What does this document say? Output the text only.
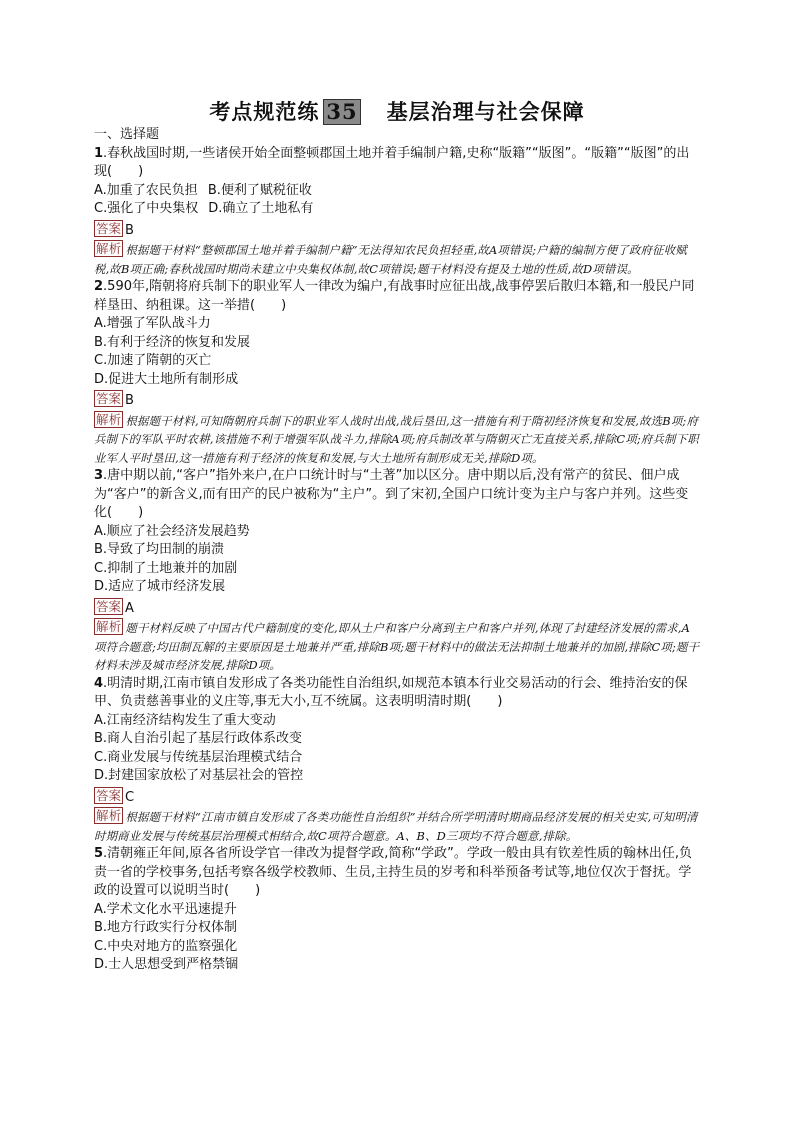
考点规范练 35 基层治理与社会保障

一、选择题

1.春秋战国时期,一些诸侯开始全面整顿郡国土地并着手编制户籍,史称“版籍”“版图”。“版籍”“版图”的出现(　　)

A.加重了农民负担 B.便利了赋税征收

C.强化了中央集权 D.确立了土地私有

答案 B

解析 根据题干材料“整顿郡国土地并着手编制户籍”无法得知农民负担轻重,故A项错误;户籍的编制方便了政府征收赋税,故B项正确;春秋战国时期尚未建立中央集权体制,故C项错误;题干材料没有提及土地的性质,故D项错误。

2.590年,隋朝将府兵制下的职业军人一律改为编户,有战事时应征出战,战事停罢后散归本籍,和一般民户同样垦田、纳租课。这一举措(　　)

A.增强了军队战斗力

B.有利于经济的恢复和发展

C.加速了隋朝的灭亡

D.促进大土地所有制形成

答案 B

解析 根据题干材料,可知隋朝府兵制下的职业军人战时出战,战后垦田,这一措施有利于隋初经济恢复和发展,故选B项;府兵制下的军队平时农耕,该措施不利于增强军队战斗力,排除A项;府兵制改革与隋朝灭亡无直接关系,排除C项;府兵制下职业军人平时垦田,这一措施有利于经济的恢复和发展,与大土地所有制形成无关,排除D项。

3.唐中期以前,“客户”指外来户,在户口统计时与“土著”加以区分。唐中期以后,没有常产的贫民、佃户成为“客户”的新含义,而有田产的民户被称为“主户”。到了宋初,全国户口统计变为主户与客户并列。这些变化(　　)

A.顺应了社会经济发展趋势

B.导致了均田制的崩溃

C.抑制了土地兼并的加剧

D.适应了城市经济发展

答案 A

解析 题干材料反映了中国古代户籍制度的变化,即从土户和客户分离到主户和客户并列,体现了封建经济发展的需求,A项符合题意;均田制瓦解的主要原因是土地兼并严重,排除B项;题干材料中的做法无法抑制土地兼并的加剧,排除C项;题干材料未涉及城市经济发展,排除D项。

4.明清时期,江南市镇自发形成了各类功能性自治组织,如规范本镇本行业交易活动的行会、维持治安的保甲、负责慈善事业的义庄等,事无大小,互不统属。这表明明清时期(　　)

A.江南经济结构发生了重大变动

B.商人自治引起了基层行政体系改变

C.商业发展与传统基层治理模式结合

D.封建国家放松了对基层社会的管控

答案 C

解析 根据题干材料“江南市镇自发形成了各类功能性自治组织”并结合所学明清时期商品经济发展的相关史实,可知明清时期商业发展与传统基层治理模式相结合,故C项符合题意。A、B、D三项均不符合题意,排除。

5.清朝雍正年间,原各省所设学官一律改为提督学政,简称“学政”。学政一般由具有钦差性质的翰林出任,负责一省的学校事务,包括考察各级学校教师、生员,主持生员的岁考和科举预备考试等,地位仅次于督抚。学政的设置可以说明当时(　　)

A.学术文化水平迅速提升

B.地方行政实行分权体制

C.中央对地方的监察强化

D.士人思想受到严格禁锢
